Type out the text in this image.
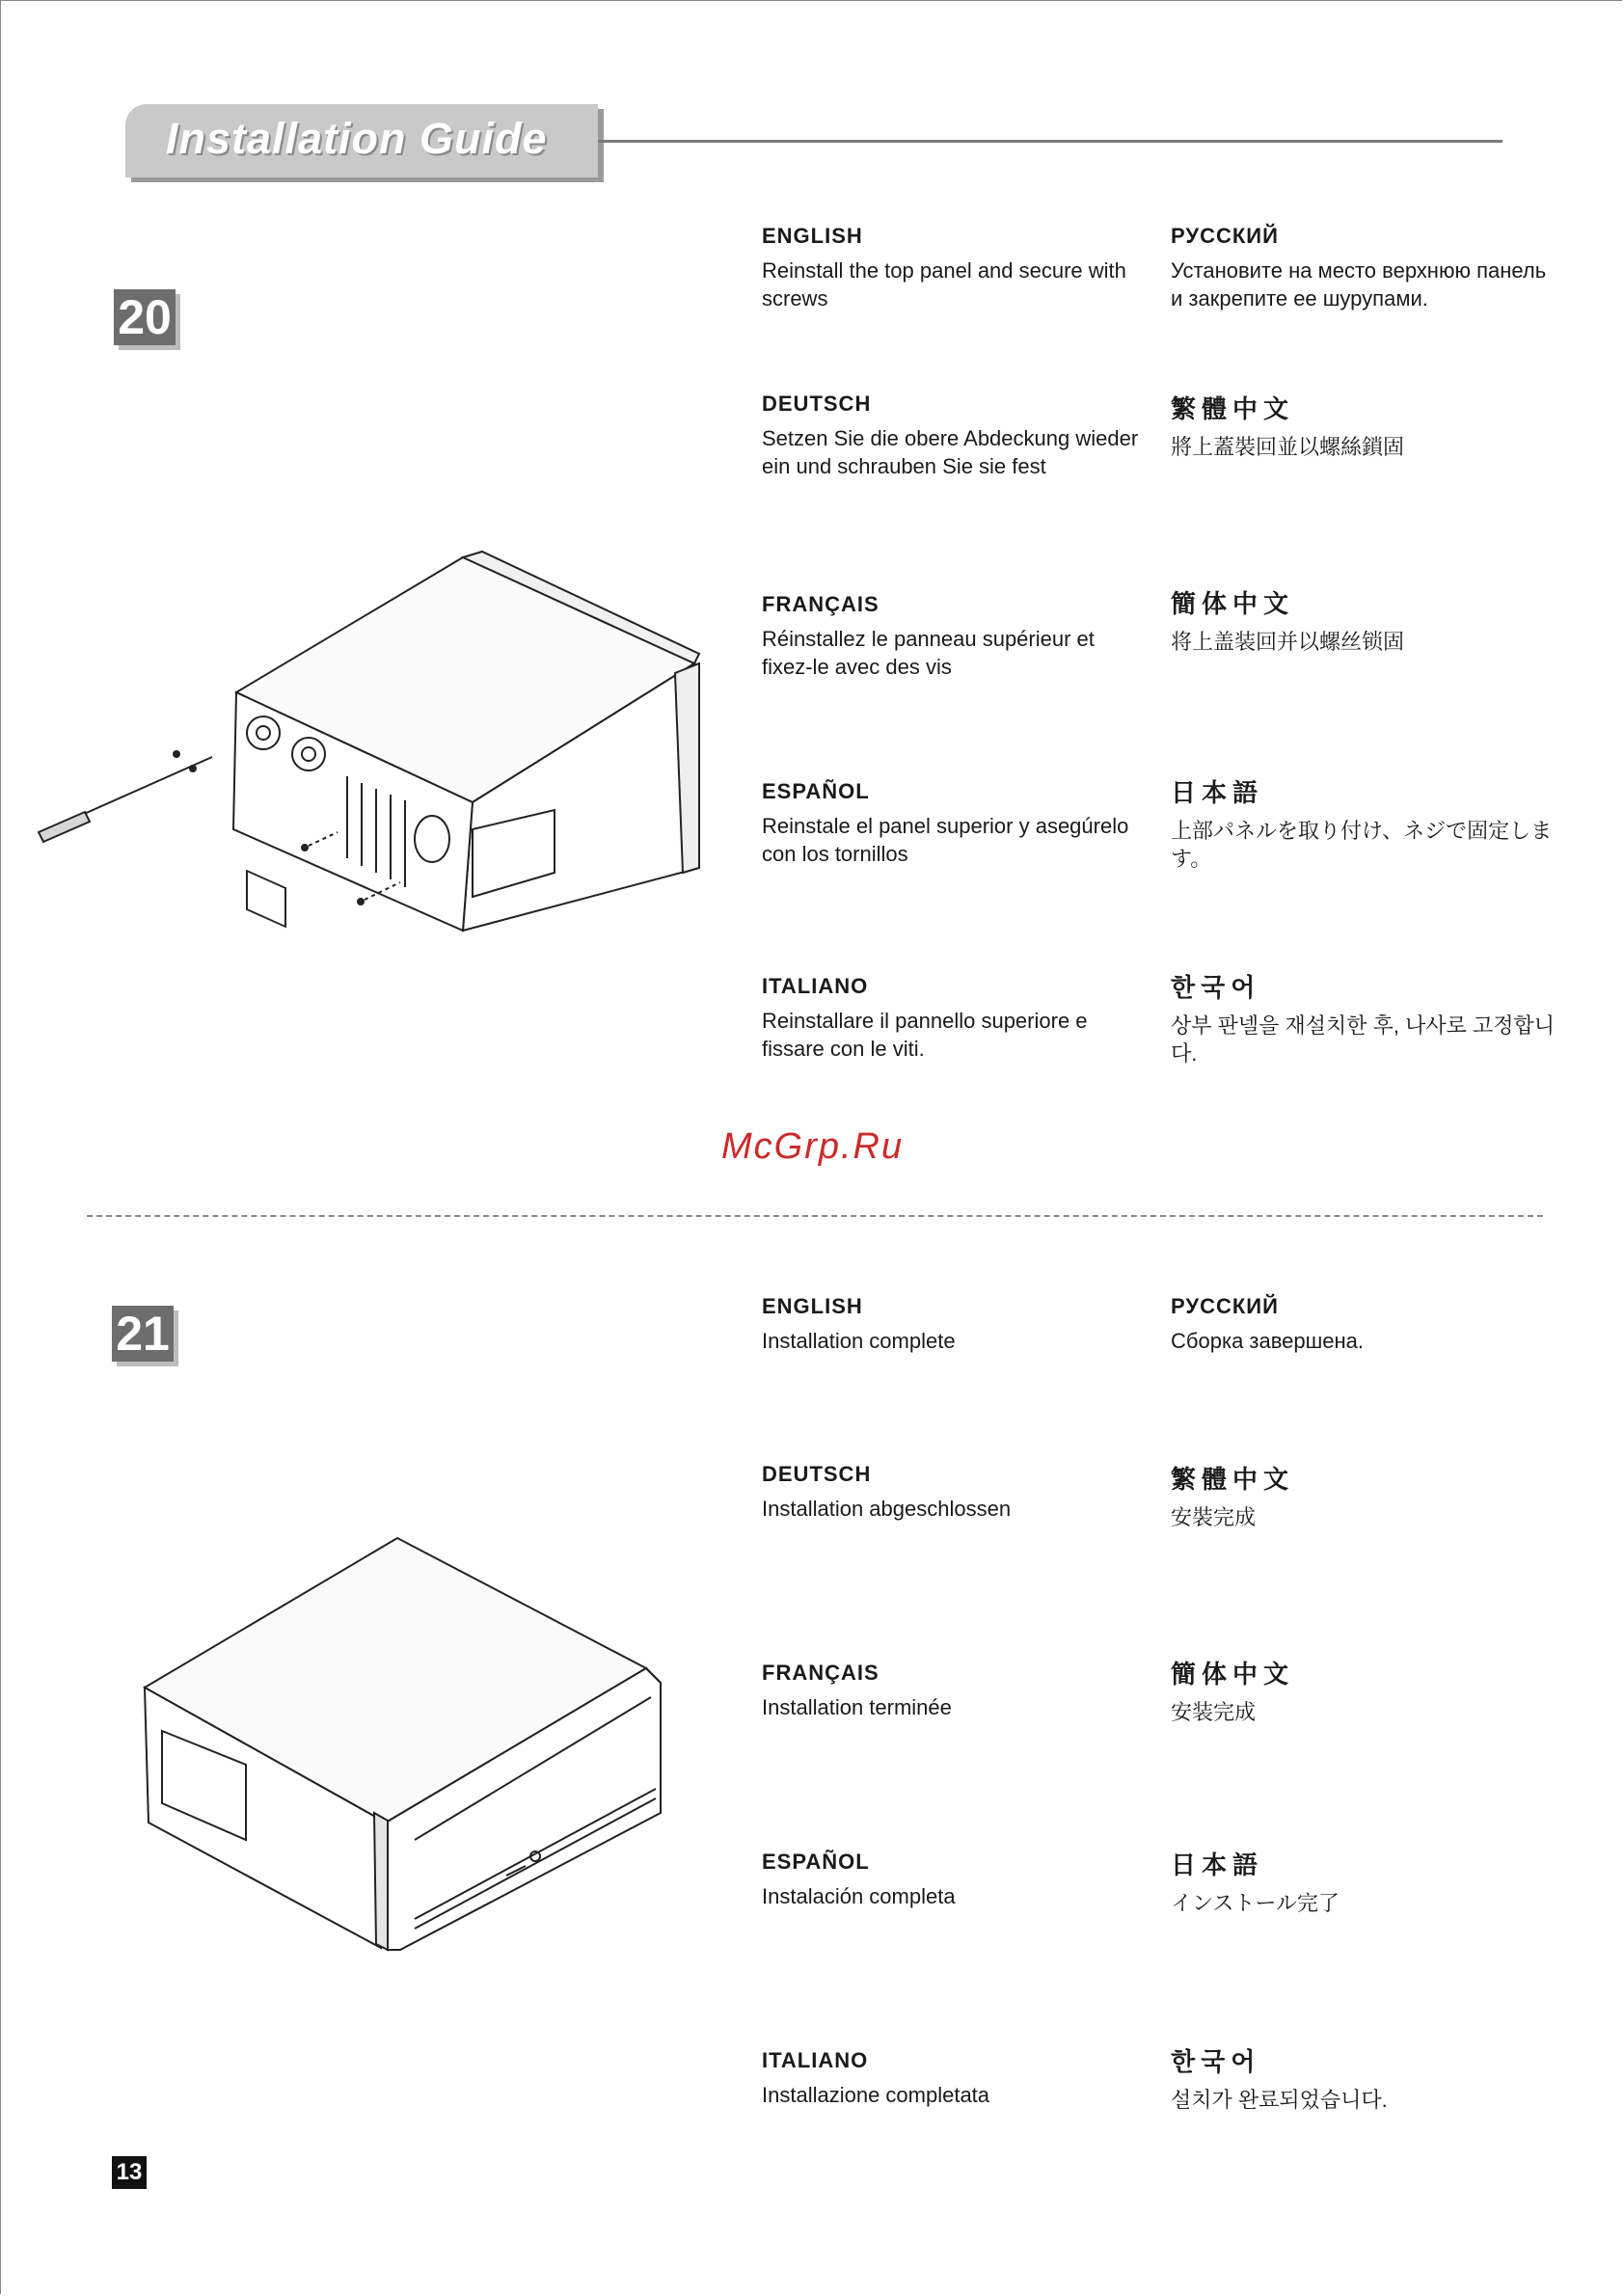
Installation Guide
20
ENGLISH
Reinstall the top panel and secure with screws
РУССКИЙ
Установите на место верхнюю панель и закрепите ее шурупами.
DEUTSCH
Setzen Sie die obere Abdeckung wieder ein und schrauben Sie sie fest
繁體中文
將上蓋裝回並以螺絲鎖固
FRANÇAIS
Réinstallez le panneau supérieur et fixez-le avec des vis
簡体中文
将上盖装回并以螺丝锁固
ESPAÑOL
Reinstale el panel superior y asegúrelo con los tornillos
日本語
上部パネルを取り付け、ネジで固定します。
ITALIANO
Reinstallare il pannello superiore e fissare con le viti.
한국어
상부 판넬을 재설치한 후, 나사로 고정합니다.
McGrp.Ru
21
ENGLISH
Installation complete
РУССКИЙ
Сборка завершена.
DEUTSCH
Installation abgeschlossen
繁體中文
安裝完成
FRANÇAIS
Installation terminée
簡体中文
安装完成
ESPAÑOL
Instalación completa
日本語
インストール完了
ITALIANO
Installazione completata
한국어
설치가 완료되었습니다.
13
